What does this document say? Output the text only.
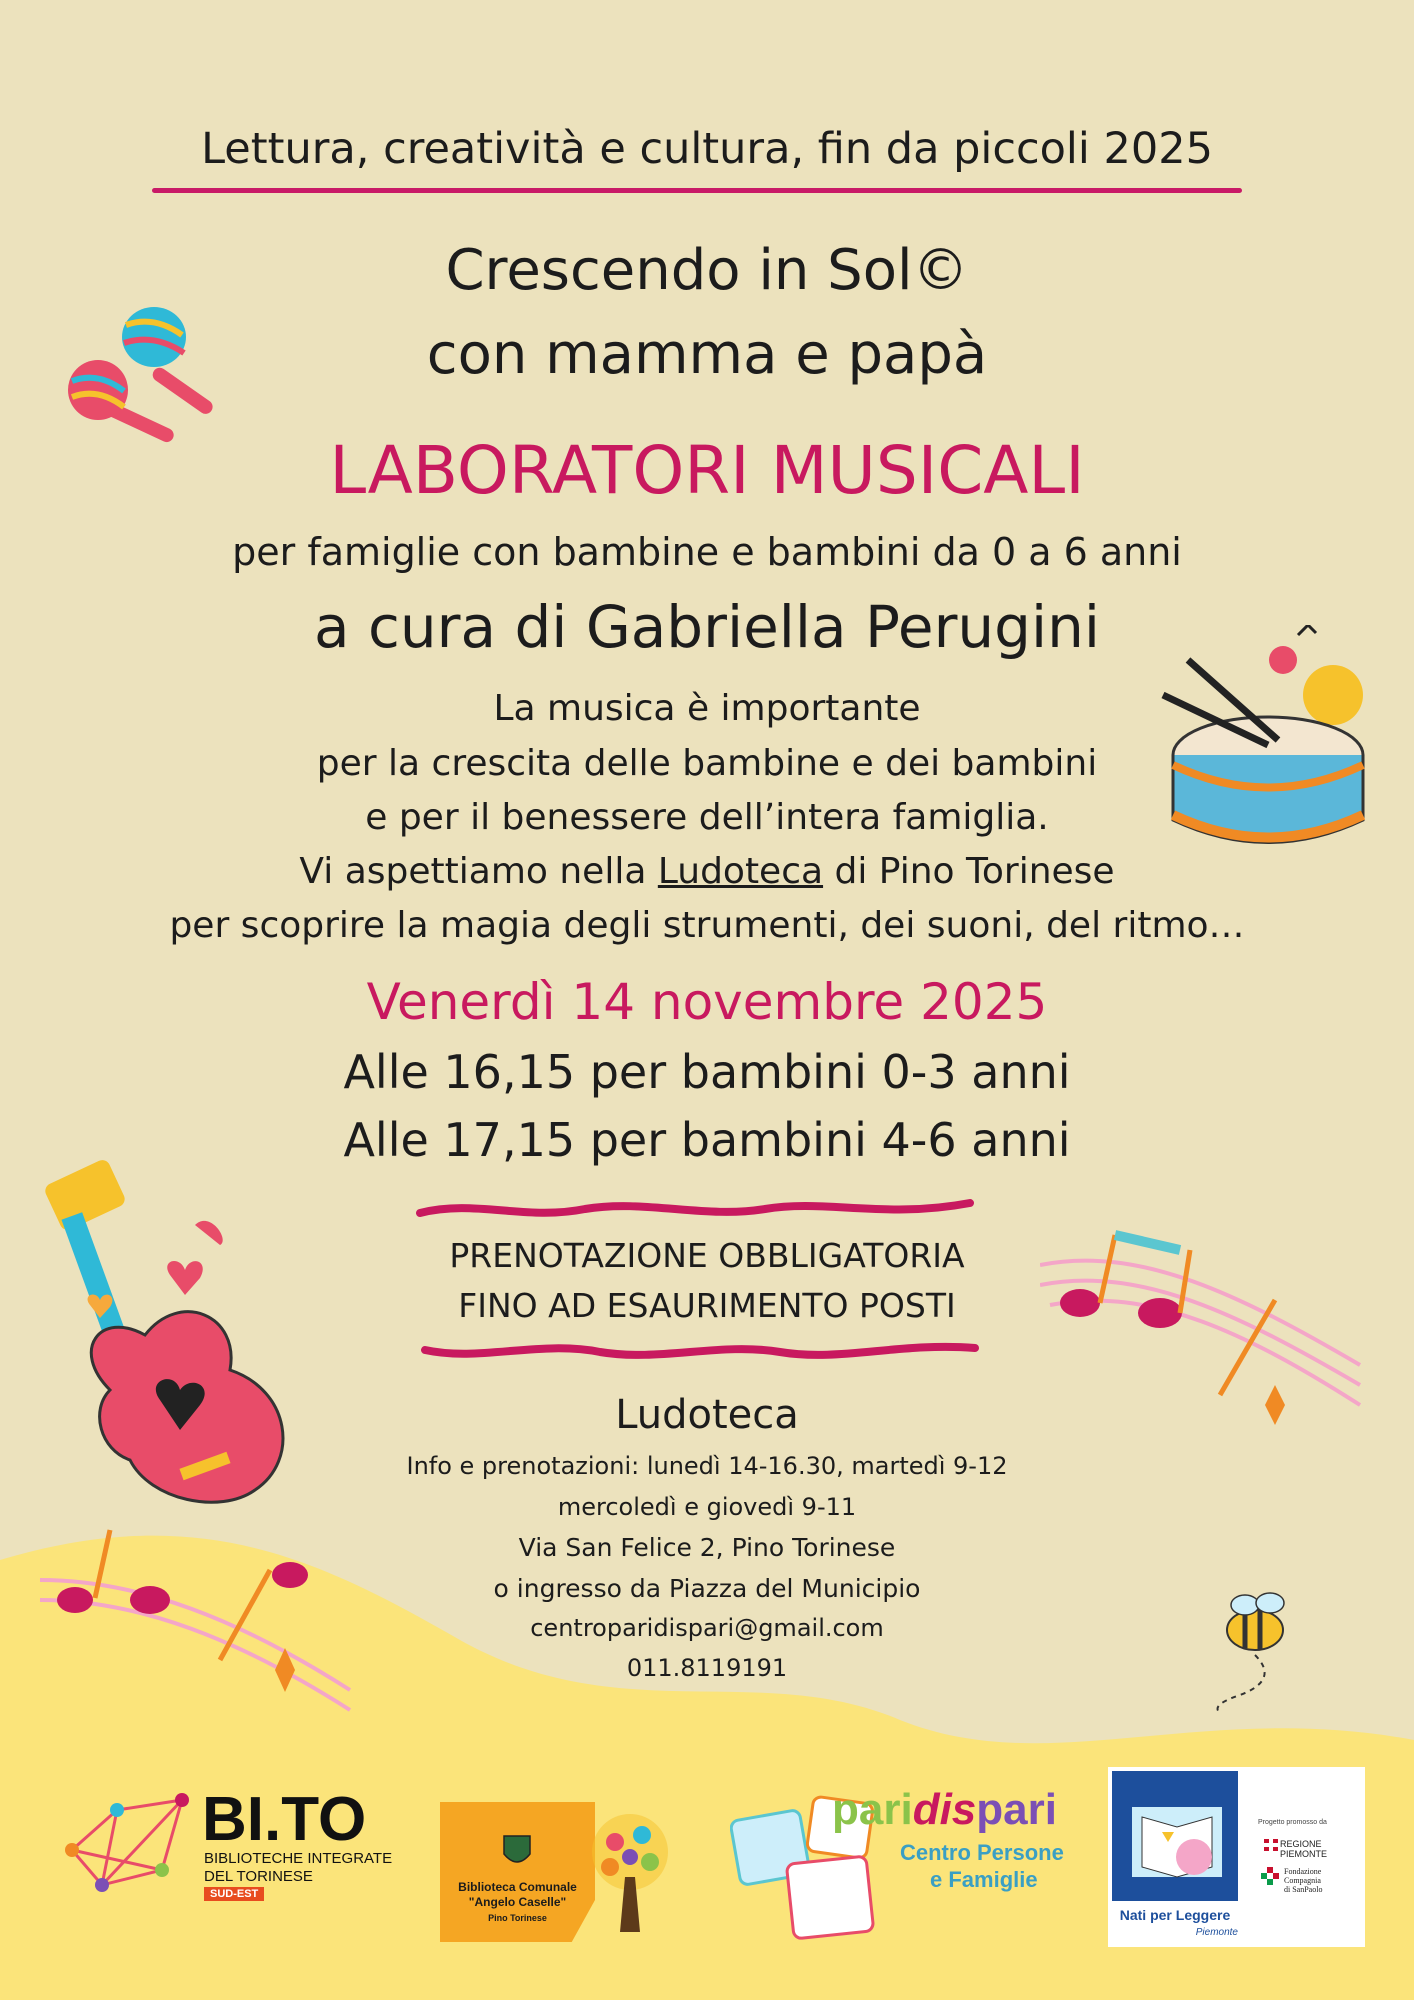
Lettura, creatività e cultura, fin da piccoli 2025
Crescendo in Sol©
con mamma e papà
LABORATORI MUSICALI
per famiglie con bambine e bambini da 0 a 6 anni
a cura di Gabriella Perugini
La musica è importante
per la crescita delle bambine e dei bambini
e per il benessere dell’intera famiglia.
Vi aspettiamo nella Ludoteca di Pino Torinese
per scoprire la magia degli strumenti, dei suoni, del ritmo…
Venerdì 14 novembre 2025
Alle 16,15 per bambini 0-3 anni
Alle 17,15 per bambini 4-6 anni
PRENOTAZIONE OBBLIGATORIA
FINO AD ESAURIMENTO POSTI
Ludoteca
Info e prenotazioni: lunedì 14-16.30, martedì 9-12
mercoledì e giovedì 9-11
Via San Felice 2, Pino Torinese
o ingresso da Piazza del Municipio
centroparidispari@gmail.com
011.8119191
BI.TO
BIBLIOTECHE INTEGRATE
DEL TORINESE
SUD-EST	Biblioteca Comunale
"Angelo Caselle"
Pino Torinese
paridispari
Centro Persone
e Famiglie
Nati per Leggere
Piemonte
Progetto promosso da
REGIONE PIEMONTE
Fondazione
Compagnia
di SanPaolo
